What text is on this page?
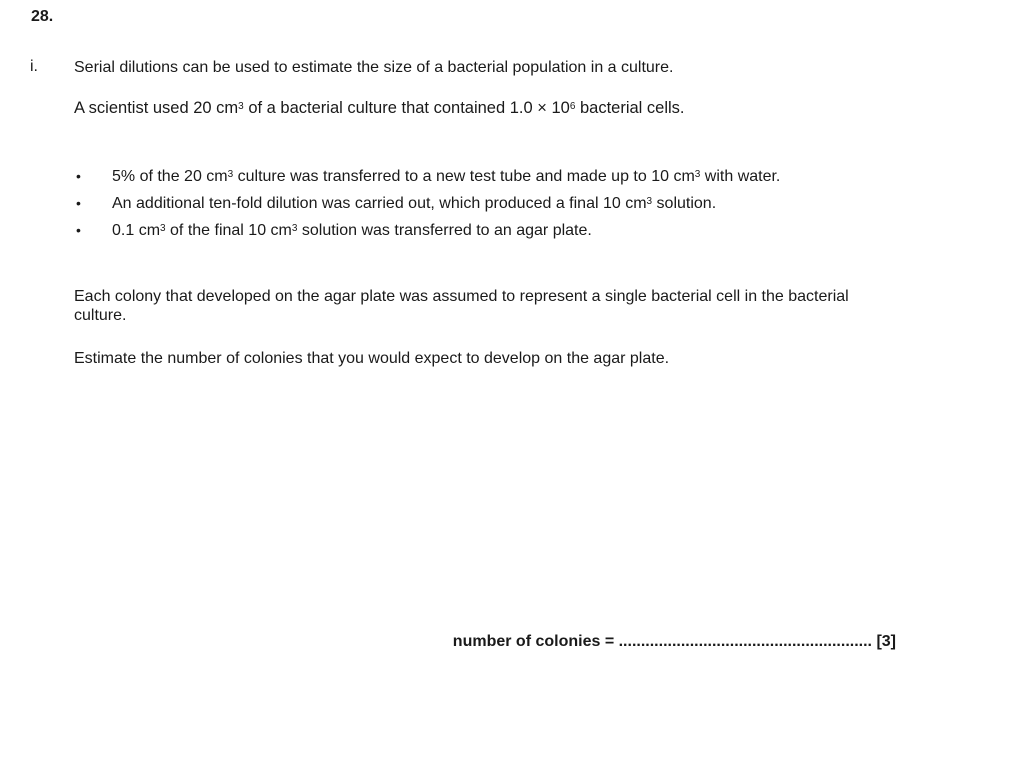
28.
i. Serial dilutions can be used to estimate the size of a bacterial population in a culture.
A scientist used 20 $cm^3$ of a bacterial culture that contained $1.0 \times 10^6$ bacterial cells.
• 5% of the 20 $cm^3$ culture was transferred to a new test tube and made up to 10 $cm^3$ with water.
• An additional ten-fold dilution was carried out, which produced a final 10 $cm^3$ solution.
• 0.1 $cm^3$ of the final 10 $cm^3$ solution was transferred to an agar plate.
Each colony that developed on the agar plate was assumed to represent a single bacterial cell in the bacterial culture.
Estimate the number of colonies that you would expect to develop on the agar plate.
number of colonies = ......................................................... [3]
